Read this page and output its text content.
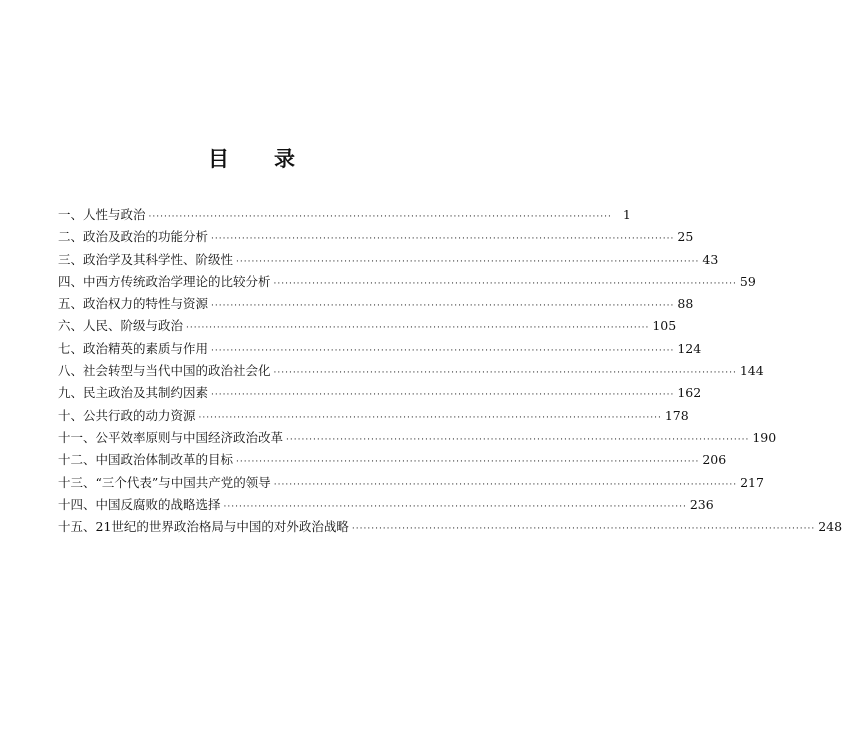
目 录
一、人性与政治 ························································································································ 1
二、政治及政治的功能分析 ························································································································ 25
三、政治学及其科学性、阶级性 ························································································································ 43
四、中西方传统政治学理论的比较分析 ························································································································ 59
五、政治权力的特性与资源 ························································································································ 88
六、人民、阶级与政治 ························································································································ 105
七、政治精英的素质与作用 ························································································································ 124
八、社会转型与当代中国的政治社会化 ························································································································ 144
九、民主政治及其制约因素 ························································································································ 162
十、公共行政的动力资源 ························································································································ 178
十一、公平效率原则与中国经济政治改革 ························································································································ 190
十二、中国政治体制改革的目标 ························································································································ 206
十三、“三个代表”与中国共产党的领导 ························································································································ 217
十四、中国反腐败的战略选择 ························································································································ 236
十五、21世纪的世界政治格局与中国的对外政治战略 ························································································································ 248
